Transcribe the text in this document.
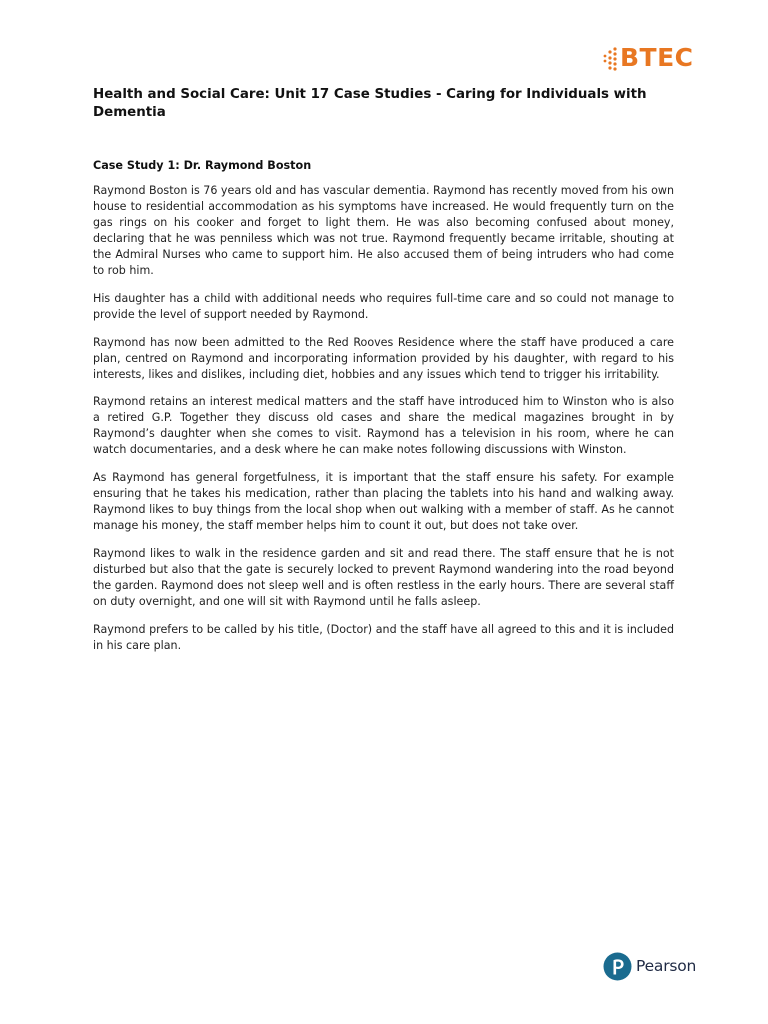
BTEC
Health and Social Care: Unit 17 Case Studies - Caring for Individuals with Dementia
Case Study 1: Dr. Raymond Boston

Raymond Boston is 76 years old and has vascular dementia. Raymond has recently moved from his own house to residential accommodation as his symptoms have increased. He would frequently turn on the gas rings on his cooker and forget to light them. He was also becoming confused about money, declaring that he was penniless which was not true. Raymond frequently became irritable, shouting at the Admiral Nurses who came to support him. He also accused them of being intruders who had come to rob him.

His daughter has a child with additional needs who requires full-time care and so could not manage to provide the level of support needed by Raymond.

Raymond has now been admitted to the Red Rooves Residence where the staff have produced a care plan, centred on Raymond and incorporating information provided by his daughter, with regard to his interests, likes and dislikes, including diet, hobbies and any issues which tend to trigger his irritability.

Raymond retains an interest medical matters and the staff have introduced him to Winston who is also a retired G.P. Together they discuss old cases and share the medical magazines brought in by Raymond’s daughter when she comes to visit. Raymond has a television in his room, where he can watch documentaries, and a desk where he can make notes following discussions with Winston.

As Raymond has general forgetfulness, it is important that the staff ensure his safety. For example ensuring that he takes his medication, rather than placing the tablets into his hand and walking away. Raymond likes to buy things from the local shop when out walking with a member of staff. As he cannot manage his money, the staff member helps him to count it out, but does not take over.

Raymond likes to walk in the residence garden and sit and read there. The staff ensure that he is not disturbed but also that the gate is securely locked to prevent Raymond wandering into the road beyond the garden. Raymond does not sleep well and is often restless in the early hours. There are several staff on duty overnight, and one will sit with Raymond until he falls asleep.

Raymond prefers to be called by his title, (Doctor) and the staff have all agreed to this and it is included in his care plan.

Pearson
